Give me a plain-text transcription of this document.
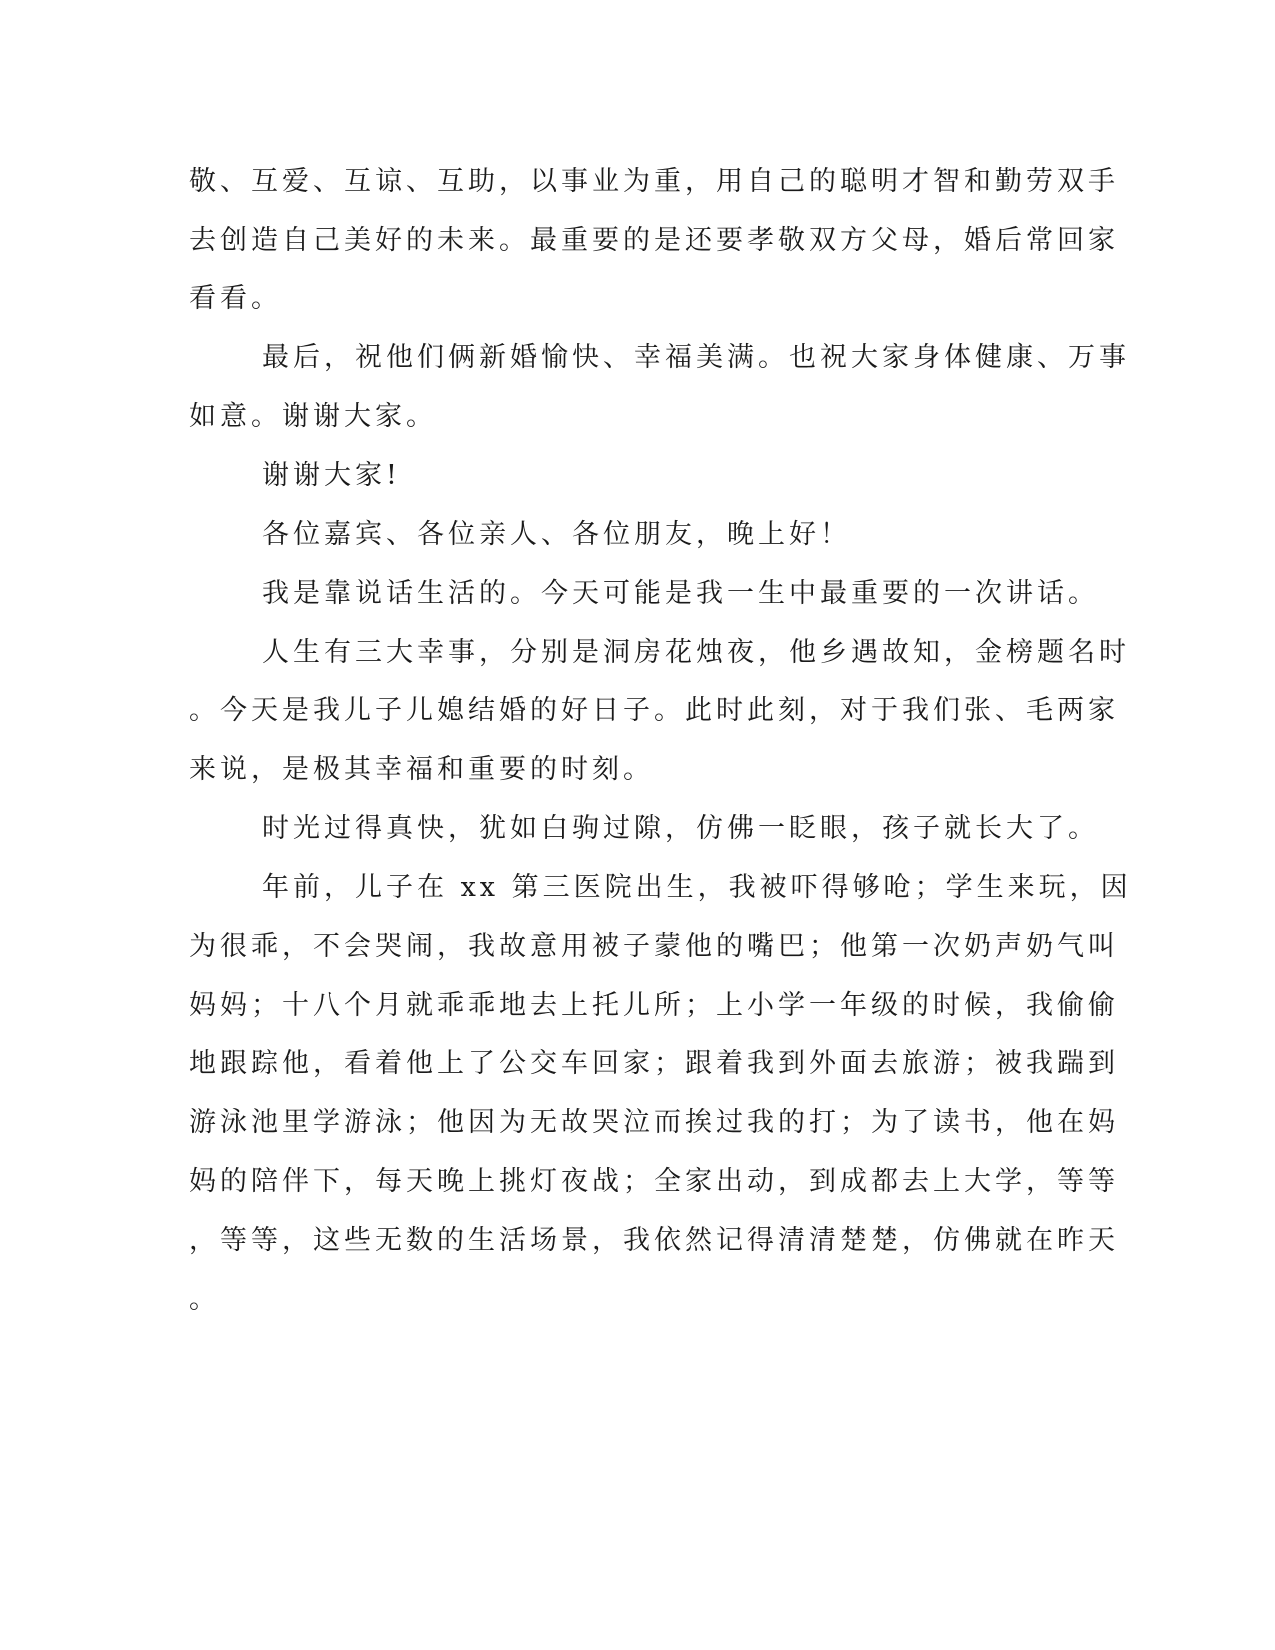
敬、互爱、互谅、互助，以事业为重，用自己的聪明才智和勤劳双手
去创造自己美好的未来。最重要的是还要孝敬双方父母，婚后常回家
看看。
最后，祝他们俩新婚愉快、幸福美满。也祝大家身体健康、万事
如意。谢谢大家。
谢谢大家!
各位嘉宾、各位亲人、各位朋友，晚上好！
我是靠说话生活的。今天可能是我一生中最重要的一次讲话。
人生有三大幸事，分别是洞房花烛夜，他乡遇故知，金榜题名时
。今天是我儿子儿媳结婚的好日子。此时此刻，对于我们张、毛两家
来说，是极其幸福和重要的时刻。
时光过得真快，犹如白驹过隙，仿佛一眨眼，孩子就长大了。
年前，儿子在 xx 第三医院出生，我被吓得够呛；学生来玩，因
为很乖，不会哭闹，我故意用被子蒙他的嘴巴；他第一次奶声奶气叫
妈妈；十八个月就乖乖地去上托儿所；上小学一年级的时候，我偷偷
地跟踪他，看着他上了公交车回家；跟着我到外面去旅游；被我踹到
游泳池里学游泳；他因为无故哭泣而挨过我的打；为了读书，他在妈
妈的陪伴下，每天晚上挑灯夜战；全家出动，到成都去上大学，等等
，等等，这些无数的生活场景，我依然记得清清楚楚，仿佛就在昨天
。
